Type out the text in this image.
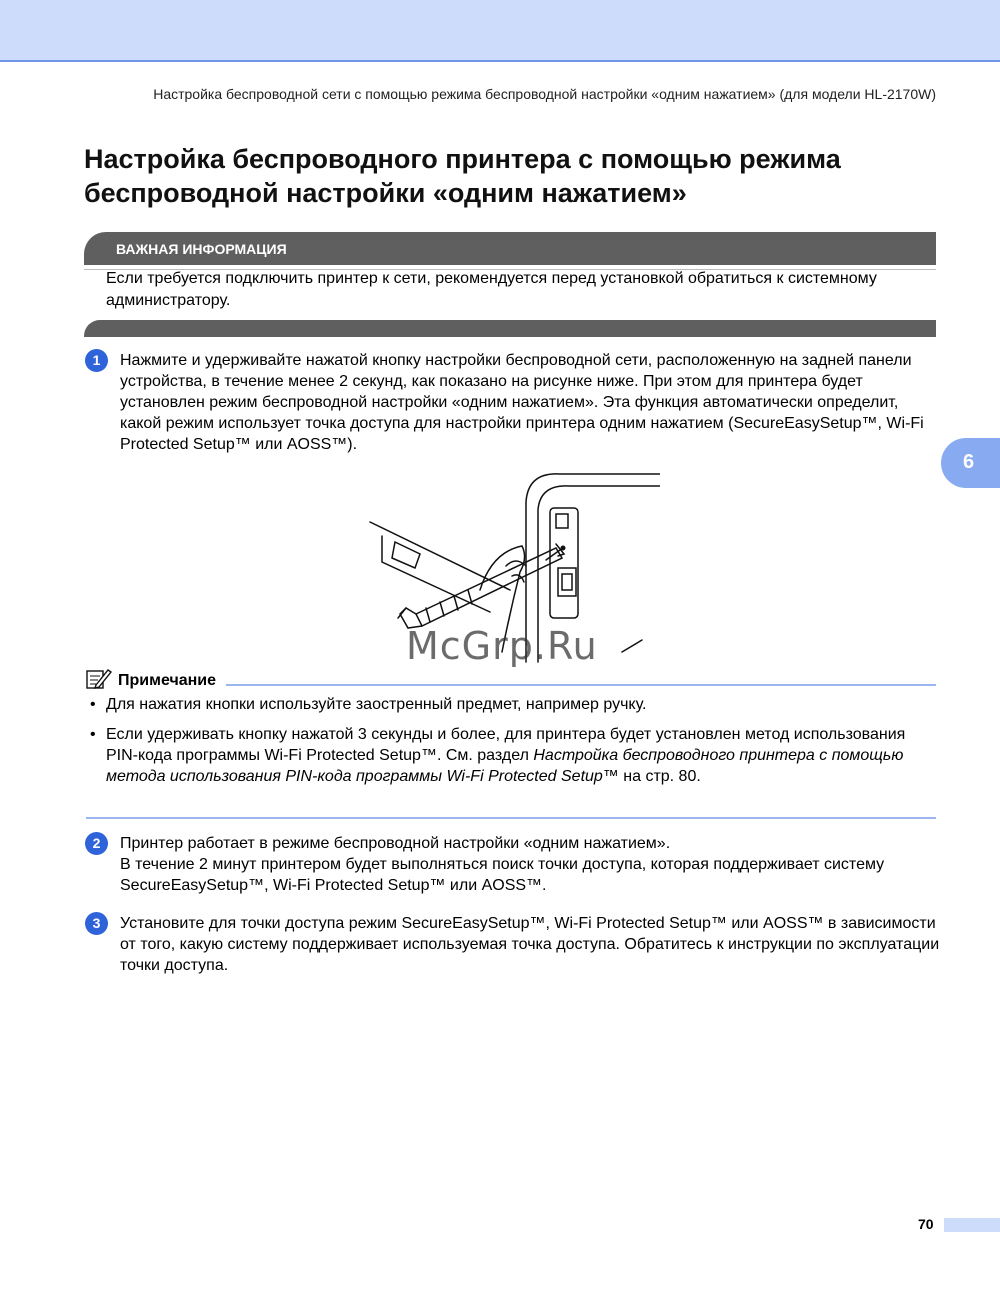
Настройка беспроводной сети с помощью режима беспроводной настройки «одним нажатием» (для модели HL-2170W)
Настройка беспроводного принтера с помощью режима беспроводной настройки «одним нажатием»
ВАЖНАЯ ИНФОРМАЦИЯ

Если требуется подключить принтер к сети, рекомендуется перед установкой обратиться к системному администратору.

1	Нажмите и удерживайте нажатой кнопку настройки беспроводной сети, расположенную на задней панели устройства, в течение менее 2 секунд, как показано на рисунке ниже. При этом для принтера будет установлен режим беспроводной настройки «одним нажатием». Эта функция автоматически определит, какой режим использует точка доступа для настройки принтера одним нажатием (SecureEasySetup™, Wi-Fi Protected Setup™ или AOSS™).

6
McGrp.Ru
Примечание
• Для нажатия кнопки используйте заостренный предмет, например ручку.
• Если удерживать кнопку нажатой 3 секунды и более, для принтера будет установлен метод использования PIN-кода программы Wi-Fi Protected Setup™. См. раздел Настройка беспроводного принтера с помощью метода использования PIN-кода программы Wi-Fi Protected Setup™ на стр. 80.
2	Принтер работает в режиме беспроводной настройки «одним нажатием».
В течение 2 минут принтером будет выполняться поиск точки доступа, которая поддерживает систему SecureEasySetup™, Wi-Fi Protected Setup™ или AOSS™.

3	Установите для точки доступа режим SecureEasySetup™, Wi-Fi Protected Setup™ или AOSS™ в зависимости от того, какую систему поддерживает используемая точка доступа. Обратитесь к инструкции по эксплуатации точки доступа.

70
